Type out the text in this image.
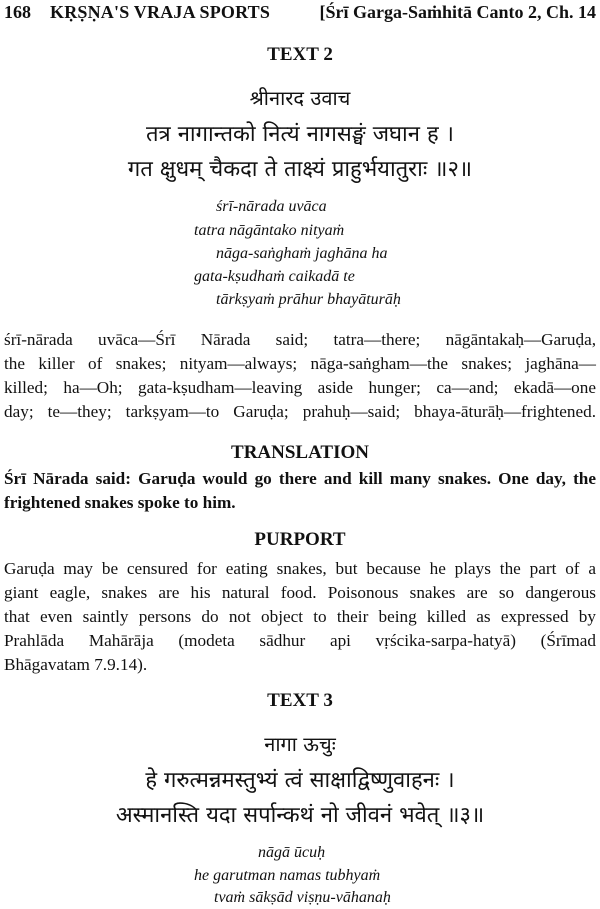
168 KṚṢṆA'S VRAJA SPORTS	[Śrī Garga-Saṁhitā Canto 2, Ch. 14
TEXT 2
श्रीनारद उवाच
तत्र नागान्तको नित्यं नागसङ्घं जघान ह ।
गत क्षुधम् चैकदा ते ताक्ष्यं प्राहुर्भयातुराः ॥२॥
śrī-nārada uvāca
tatra nāgāntako nityaṁ
nāga-saṅghaṁ jaghāna ha
gata-kṣudhaṁ caikadā te
tārkṣyaṁ prāhur bhayāturāḥ
śrī-nārada uvāca—Śrī Nārada said; tatra—there; nāgāntakaḥ—Garuḍa,
the killer of snakes; nityam—always; nāga-saṅgham—the snakes; jaghāna—
killed; ha—Oh; gata-kṣudham—leaving aside hunger; ca—and; ekadā—one
day; te—they; tarkṣyam—to Garuḍa; prahuḥ—said; bhaya-āturāḥ—frightened.
TRANSLATION
Śrī Nārada said: Garuḍa would go there and kill many snakes. One day, the
frightened snakes spoke to him.
PURPORT
Garuḍa may be censured for eating snakes, but because he plays the part of a
giant eagle, snakes are his natural food. Poisonous snakes are so dangerous
that even saintly persons do not object to their being killed as expressed by
Prahlāda Mahārāja (modeta sādhur api vṛścika-sarpa-hatyā) (Śrīmad
Bhāgavatam 7.9.14).
TEXT 3
नागा ऊचुः
हे गरुत्मन्नमस्तुभ्यं त्वं साक्षाद्विष्णुवाहनः ।
अस्मानस्ति यदा सर्पान्कथं नो जीवनं भवेत् ॥३॥
nāgā ūcuḥ
he garutman namas tubhyaṁ
tvaṁ sākṣād viṣṇu-vāhanaḥ
